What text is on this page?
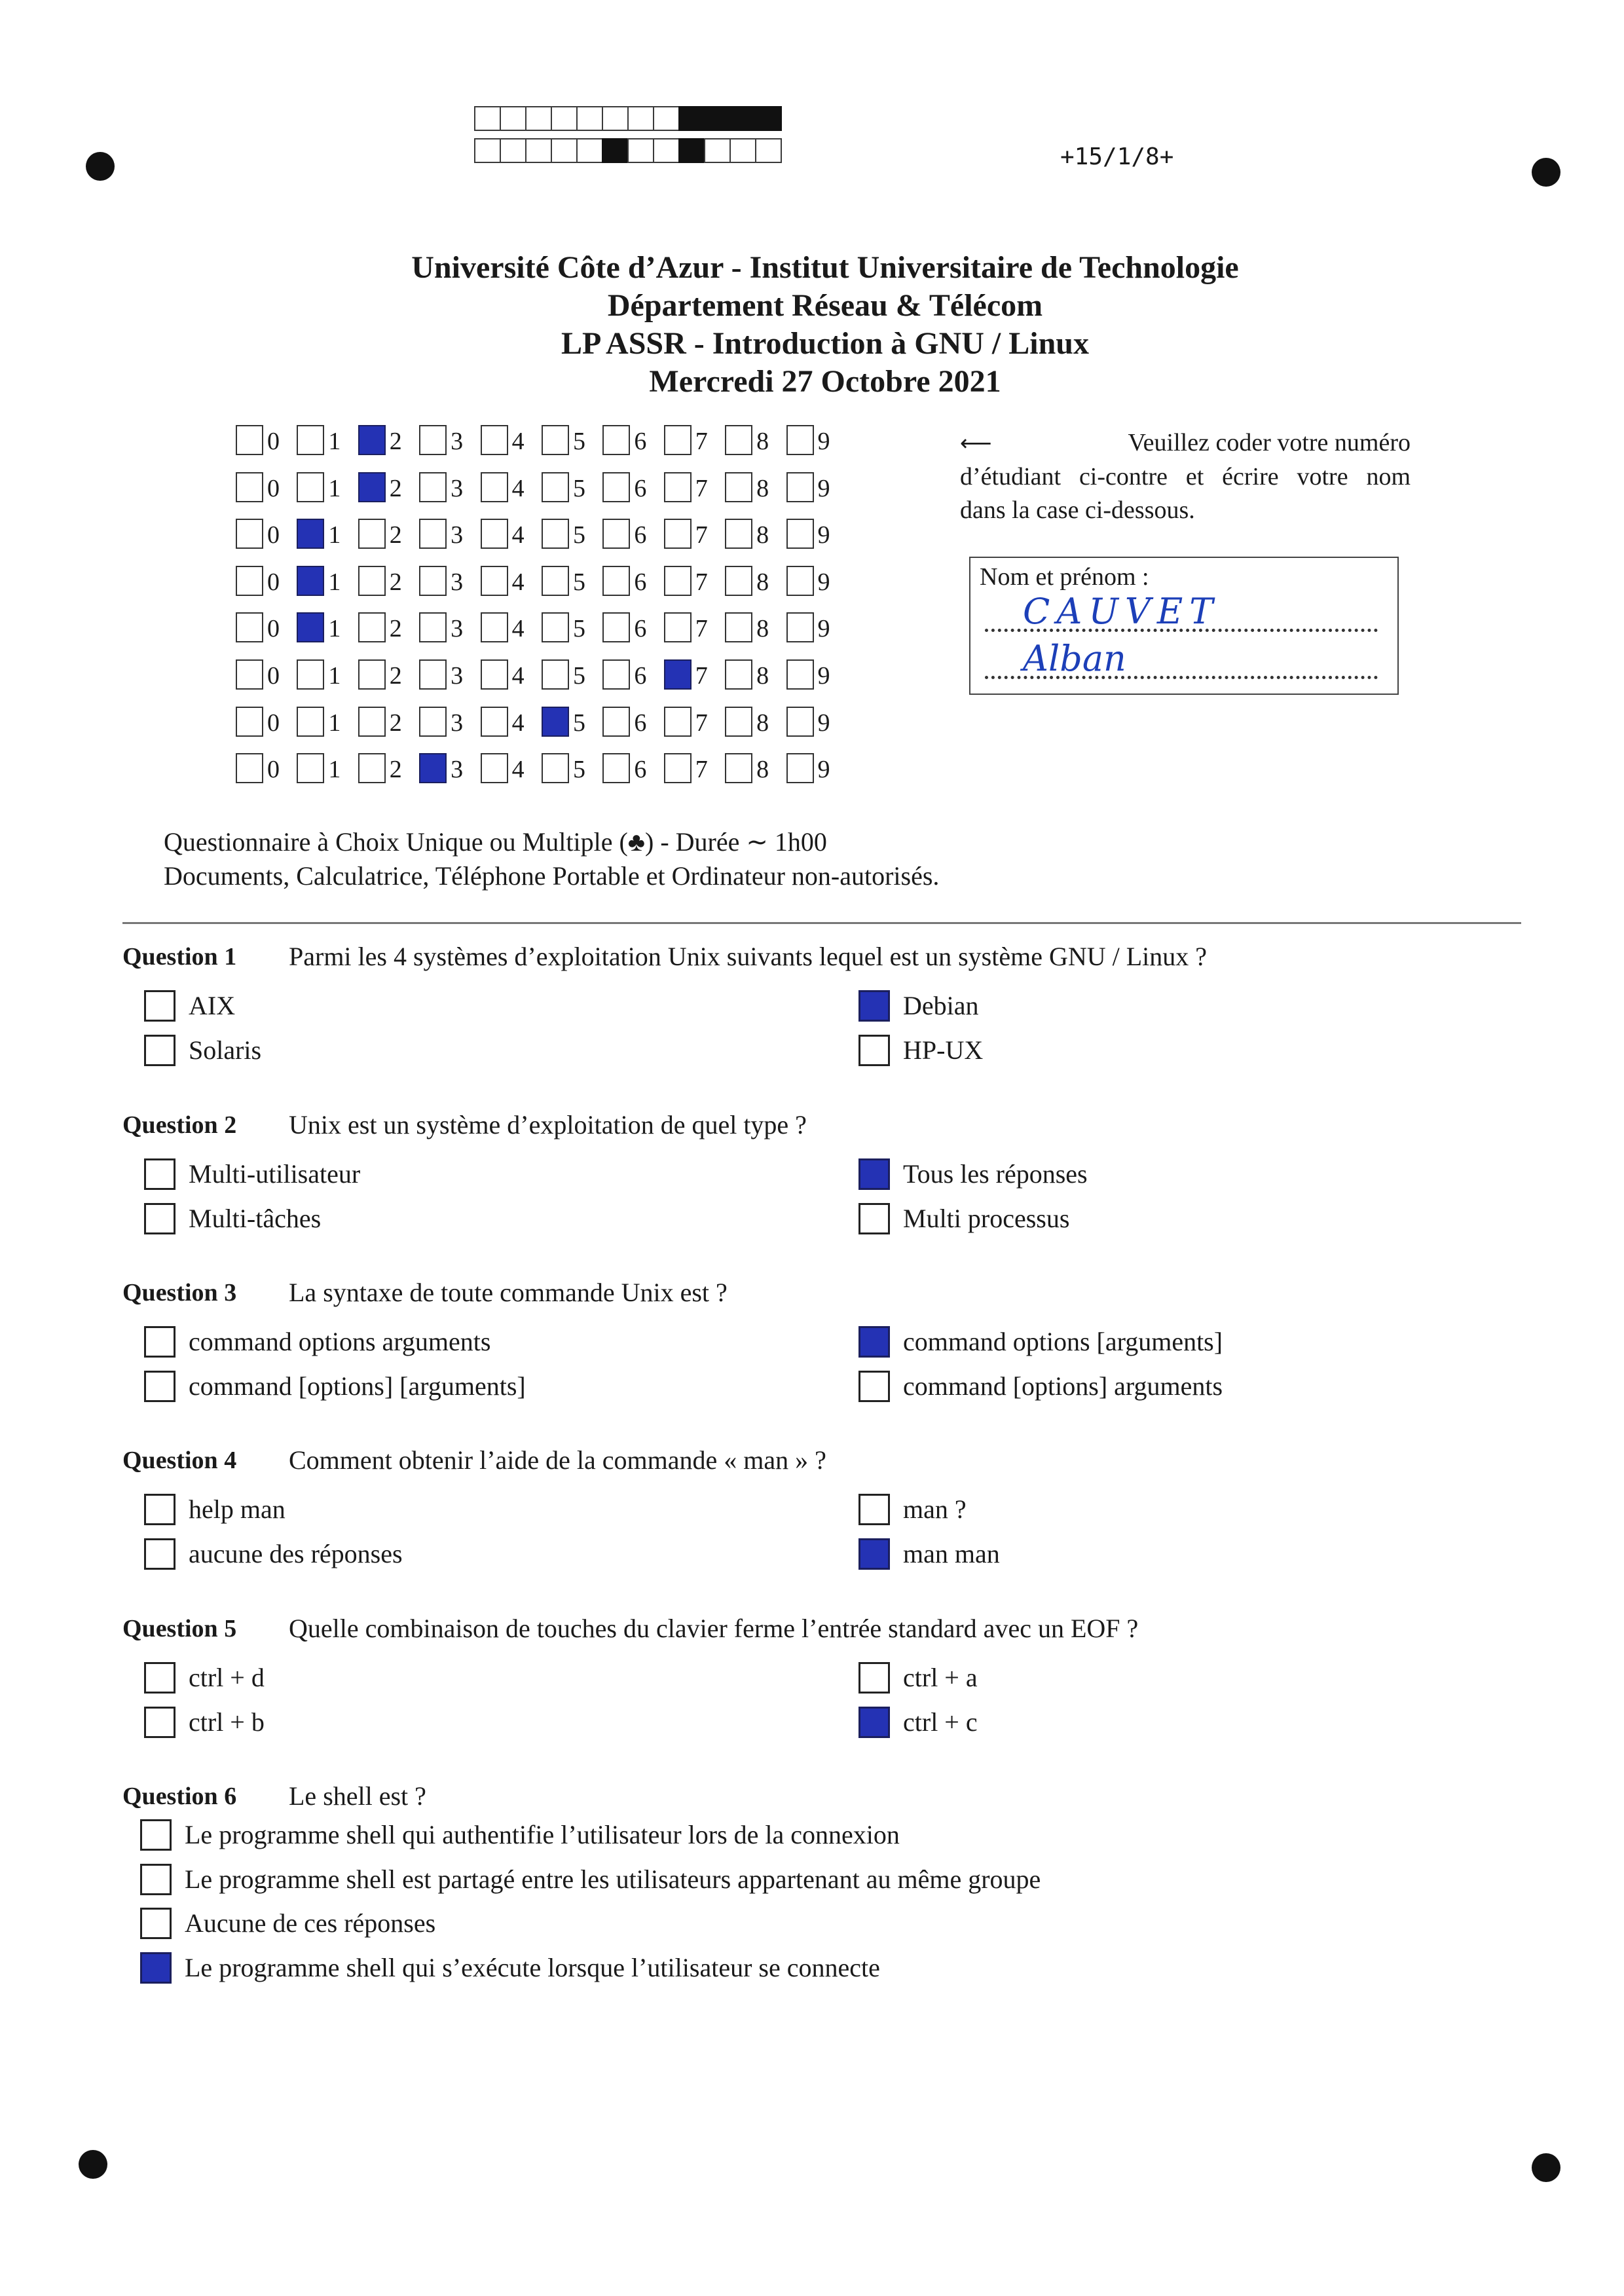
+15/1/8+
Université Côte d’Azur - Institut Universitaire de Technologie
Département Réseau & Télécom
LP ASSR - Introduction à GNU / Linux
Mercredi 27 Octobre 2021
0 1 2 3 4 5 6 7 8 9
0 1 2 3 4 5 6 7 8 9
0 1 2 3 4 5 6 7 8 9
0 1 2 3 4 5 6 7 8 9
0 1 2 3 4 5 6 7 8 9
0 1 2 3 4 5 6 7 8 9
0 1 2 3 4 5 6 7 8 9
0 1 2 3 4 5 6 7 8 9
⟵	Veuillez coder votre numéro
d’étudiant ci-contre et écrire votre nom
dans la case ci-dessous.
Nom et prénom :
CAUVET
Alban
Questionnaire à Choix Unique ou Multiple (♣) - Durée ∼ 1h00
Documents, Calculatrice, Téléphone Portable et Ordinateur non-autorisés.
Question 1 Parmi les 4 systèmes d’exploitation Unix suivants lequel est un système GNU / Linux ?
AIX
Solaris
Debian
HP-UX
Question 2 Unix est un système d’exploitation de quel type ?
Multi-utilisateur
Multi-tâches
Tous les réponses
Multi processus
Question 3 La syntaxe de toute commande Unix est ?
command options arguments
command [options] [arguments]
command options [arguments]
command [options] arguments
Question 4 Comment obtenir l’aide de la commande « man » ?
help man
aucune des réponses
man ?
man man
Question 5 Quelle combinaison de touches du clavier ferme l’entrée standard avec un EOF ?
ctrl + d
ctrl + b
ctrl + a
ctrl + c
Question 6 Le shell est ?
Le programme shell qui authentifie l’utilisateur lors de la connexion
Le programme shell est partagé entre les utilisateurs appartenant au même groupe
Aucune de ces réponses
Le programme shell qui s’exécute lorsque l’utilisateur se connecte
